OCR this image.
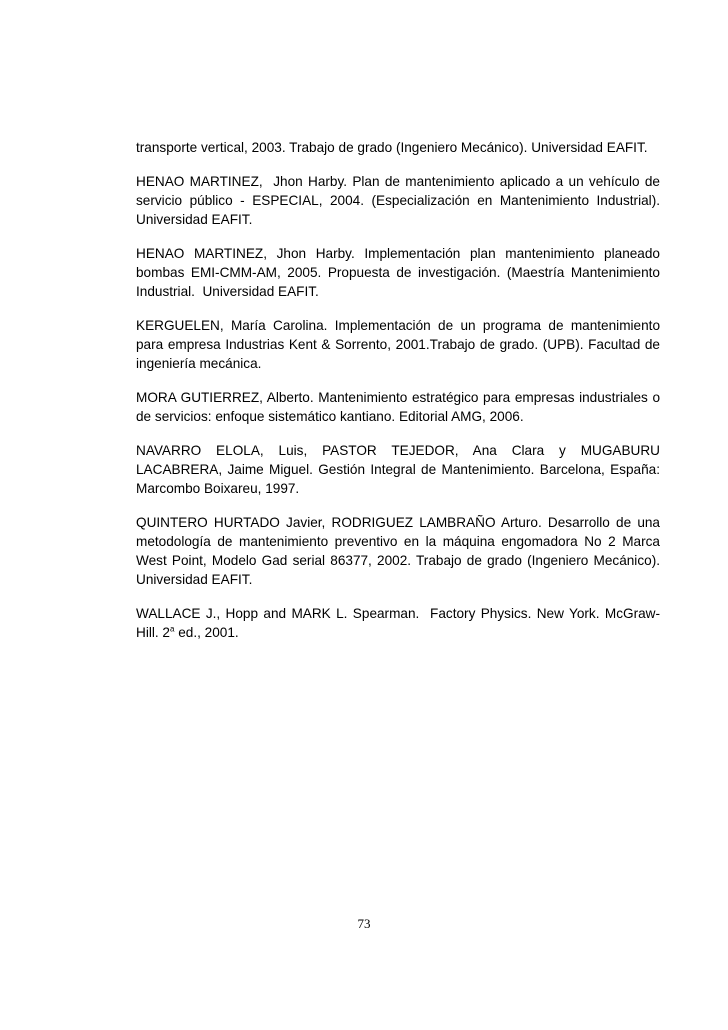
transporte vertical, 2003. Trabajo de grado (Ingeniero Mecánico). Universidad EAFIT.

HENAO MARTINEZ,  Jhon Harby. Plan de mantenimiento aplicado a un vehículo de servicio público - ESPECIAL, 2004. (Especialización en Mantenimiento Industrial).  Universidad EAFIT.

HENAO MARTINEZ, Jhon Harby. Implementación plan mantenimiento planeado bombas EMI-CMM-AM, 2005. Propuesta de investigación. (Maestría Mantenimiento Industrial.  Universidad EAFIT.

KERGUELEN, María Carolina. Implementación de un programa de mantenimiento para empresa Industrias Kent & Sorrento, 2001.Trabajo de grado. (UPB). Facultad de ingeniería mecánica.

MORA GUTIERREZ, Alberto. Mantenimiento estratégico para empresas industriales o de servicios: enfoque sistemático kantiano. Editorial AMG, 2006.

NAVARRO ELOLA, Luis, PASTOR TEJEDOR, Ana Clara y MUGABURU LACABRERA, Jaime Miguel. Gestión Integral de Mantenimiento. Barcelona, España: Marcombo Boixareu, 1997.

QUINTERO HURTADO Javier, RODRIGUEZ LAMBRAÑO Arturo. Desarrollo de una metodología de mantenimiento preventivo en la máquina engomadora No 2 Marca West Point, Modelo Gad serial 86377, 2002. Trabajo de grado (Ingeniero Mecánico). Universidad EAFIT.

WALLACE J., Hopp and MARK L. Spearman.  Factory Physics. New York. McGraw-Hill. 2$^a$ ed., 2001.

73
